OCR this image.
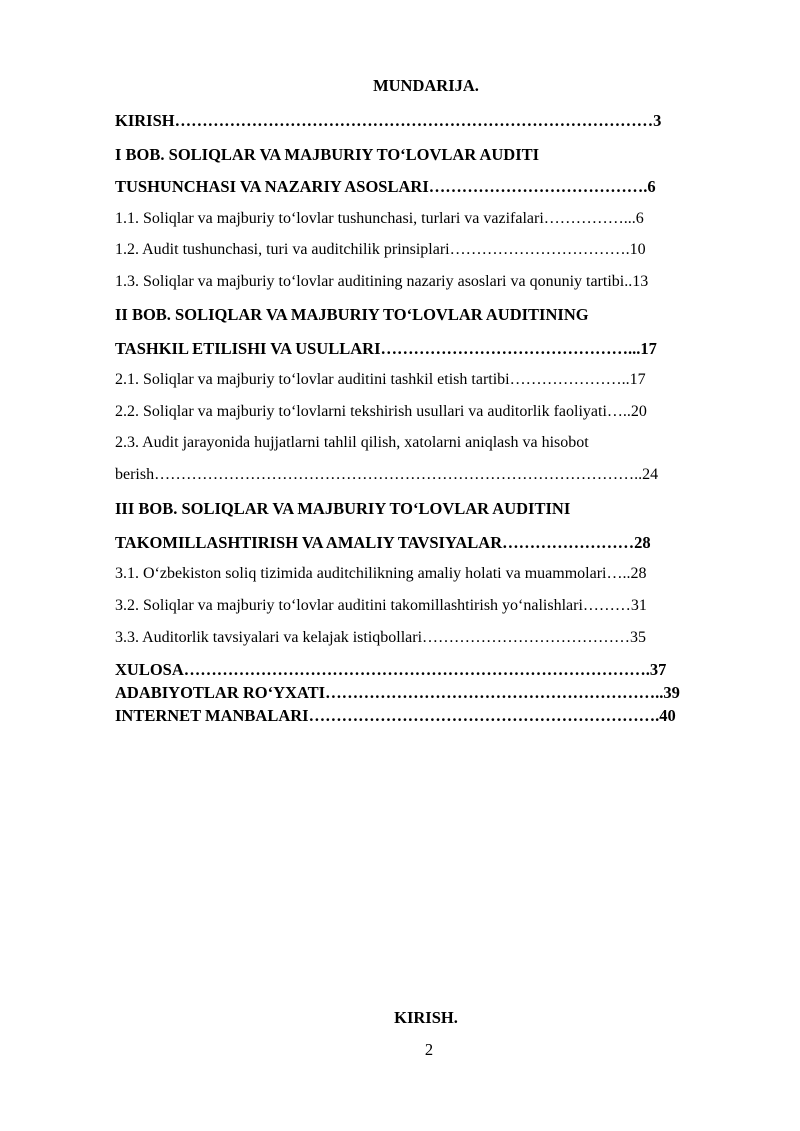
MUNDARIJA.
KIRISH……………………………………………………………………………3
I BOB. SOLIQLAR VA MAJBURIY TO‘LOVLAR AUDITI
TUSHUNCHASI VA NAZARIY ASOSLARI………………………………….6
1.1. Soliqlar va majburiy to‘lovlar tushunchasi, turlari va vazifalari……………...6
1.2. Audit tushunchasi, turi va auditchilik prinsiplari…………………………….10
1.3. Soliqlar va majburiy to‘lovlar auditining nazariy asoslari va qonuniy tartibi..13
II BOB. SOLIQLAR VA MAJBURIY TO‘LOVLAR AUDITINING
TASHKIL ETILISHI VA USULLARI………………………………………...17
2.1. Soliqlar va majburiy to‘lovlar auditini tashkil etish tartibi…………………..17
2.2. Soliqlar va majburiy to‘lovlarni tekshirish usullari va auditorlik faoliyati…..20
2.3. Audit jarayonida hujjatlarni tahlil qilish, xatolarni aniqlash va hisobot
berish………………………………………………………………………………..24
III BOB. SOLIQLAR VA MAJBURIY TO‘LOVLAR AUDITINI
TAKOMILLASHTIRISH VA AMALIY TAVSIYALAR……………………28
3.1. O‘zbekiston soliq tizimida auditchilikning amaliy holati va muammolari…..28
3.2. Soliqlar va majburiy to‘lovlar auditini takomillashtirish yo‘nalishlari………31
3.3. Auditorlik tavsiyalari va kelajak istiqbollari…………………………………35
XULOSA………………………………………………………………………….37
ADABIYOTLAR RO‘YXATI……………………………………………………..39
INTERNET MANBALARI……………………………………………………….40
KIRISH.
2
